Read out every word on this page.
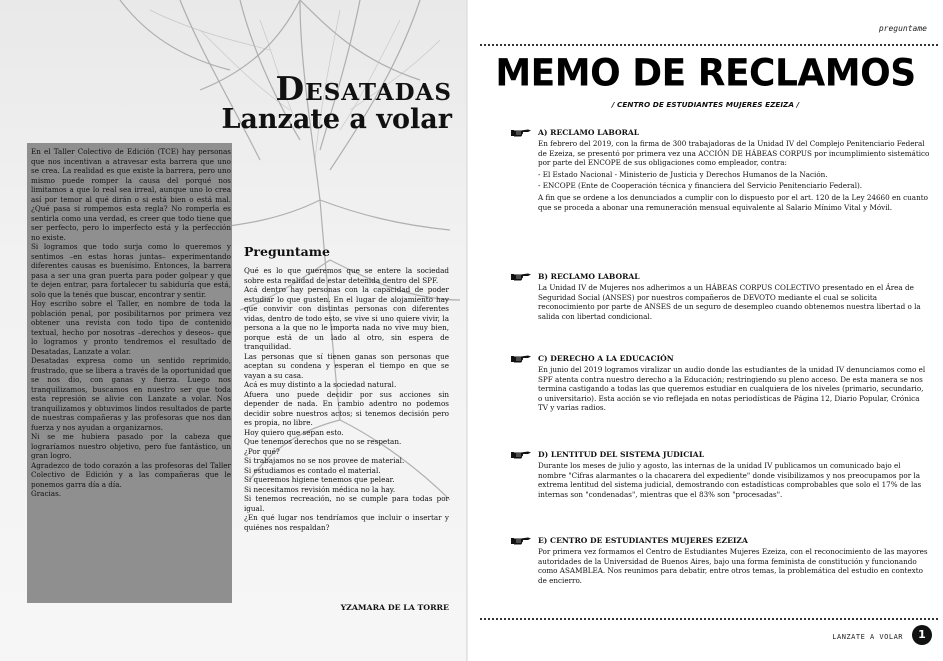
Desatadas
Lanzate a volar

En el Taller Colectivo de Edición (TCE) hay personas que nos incentivan a atravesar esta barrera que uno se crea. La realidad es que existe la barrera, pero uno mismo puede romper la causa del porqué nos limitamos a que lo real sea irreal, aunque uno lo crea así por temor al qué dirán o si está bien o está mal. ¿Qué pasa si rompemos esta regla? No romperla es sentirla como una verdad, es creer que todo tiene que ser perfecto, pero lo imperfecto está y la perfección no existe.

Si logramos que todo surja como lo queremos y sentimos –en estas horas juntas– experimentando diferentes causas es buenísimo. Entonces, la barrera pasa a ser una gran puerta para poder golpear y que te dejen entrar, para fortalecer tu sabiduría que está, solo que la tenés que buscar, encontrar y sentir.

Hoy escribo sobre el Taller, en nombre de toda la población penal, por posibilitarnos por primera vez obtener una revista con todo tipo de contenido textual, hecho por nosotras –derechos y deseos– que lo logramos y pronto tendremos el resultado de Desatadas, Lanzate a volar.

Desatadas expresa como un sentido reprimido, frustrado, que se libera a través de la oportunidad que se nos dio, con ganas y fuerza. Luego nos tranquilizamos, buscamos en nuestro ser que toda esta represión se alivie con Lanzate a volar. Nos tranquilizamos y obtuvimos lindos resultados de parte de nuestras compañeras y las profesoras que nos dan fuerza y nos ayudan a organizarnos.

Ni se me hubiera pasado por la cabeza que lograríamos nuestro objetivo, pero fue fantástico, un gran logro.

Agradezco de todo corazón a las profesoras del Taller Colectivo de Edición y a las compañeras que le ponemos garra día a día.

Gracias.

Preguntame

Qué es lo que queremos que se entere la sociedad sobre esta realidad de estar detenida dentro del SPF.

Acá dentro hay personas con la capacidad de poder estudiar lo que gusten. En el lugar de alojamiento hay que convivir con distintas personas con diferentes vidas, dentro de todo esto, se vive si uno quiere vivir, la persona a la que no le importa nada no vive muy bien, porque está de un lado al otro, sin espera de tranquilidad.

Las personas que sí tienen ganas son personas que aceptan su condena y esperan el tiempo en que se vayan a su casa.

Acá es muy distinto a la sociedad natural.

Afuera uno puede decidir por sus acciones sin depender de nada. En cambio adentro no podemos decidir sobre nuestros actos; si tenemos decisión pero es propia, no libre.

Hoy quiero que sepan esto.

Que tenemos derechos que no se respetan.

¿Por qué?

Si trabajamos no se nos provee de material.

Si estudiamos es contado el material.

Si queremos higiene tenemos que pelear.

Si necesitamos revisión médica no la hay.

Si tenemos recreación, no se cumple para todas por igual.

¿En qué lugar nos tendríamos que incluir o insertar y quiénes nos respaldan?

YZAMARA DE LA TORRE

preguntame

MEMO DE RECLAMOS

/ CENTRO DE ESTUDIANTES MUJERES EZEIZA /

A) RECLAMO LABORAL

En febrero del 2019, con la firma de 300 trabajadoras de la Unidad IV del Complejo Penitenciario Federal de Ezeiza, se presentó por primera vez una ACCIÓN DE HÁBEAS CORPUS por incumplimiento sistemático por parte del ENCOPE de sus obligaciones como empleador, contra:

- El Estado Nacional - Ministerio de Justicia y Derechos Humanos de la Nación.

- ENCOPE (Ente de Cooperación técnica y financiera del Servicio Penitenciario Federal).

A fin que se ordene a los denunciados a cumplir con lo dispuesto por el art. 120 de la Ley 24660 en cuanto que se proceda a abonar una remuneración mensual equivalente al Salario Mínimo Vital y Móvil.

B) RECLAMO LABORAL

La Unidad IV de Mujeres nos adherimos a un HÁBEAS CORPUS COLECTIVO presentado en el Área de Seguridad Social (ANSES) por nuestros compañeros de DEVOTO mediante el cual se solicita reconocimiento por parte de ANSES de un seguro de desempleo cuando obtenemos nuestra libertad o la salida con libertad condicional.

C) DERECHO A LA EDUCACIÓN

En junio del 2019 logramos viralizar un audio donde las estudiantes de la unidad IV denunciamos como el SPF atenta contra nuestro derecho a la Educación; restringiendo su pleno acceso. De esta manera se nos termina castigando a todas las que queremos estudiar en cualquiera de los niveles (primario, secundario, o universitario). Esta acción se vio reflejada en notas periodísticas de Página 12, Diario Popular, Crónica TV y varias radios.

D) LENTITUD DEL SISTEMA JUDICIAL

Durante los meses de julio y agosto, las internas de la unidad IV publicamos un comunicado bajo el nombre "Cifras alarmantes o la chacarera del expediente" donde visibilizamos y nos preocupamos por la extrema lentitud del sistema judicial, demostrando con estadísticas comprobables que solo el 17% de las internas son "condenadas", mientras que el 83% son "procesadas".

E) CENTRO DE ESTUDIANTES MUJERES EZEIZA

Por primera vez formamos el Centro de Estudiantes Mujeres Ezeiza, con el reconocimiento de las mayores autoridades de la Universidad de Buenos Aires, bajo una forma feminista de constitución y funcionando como ASAMBLEA. Nos reunimos para debatir, entre otros temas, la problemática del estudio en contexto de encierro.

LANZATE A VOLAR	1
